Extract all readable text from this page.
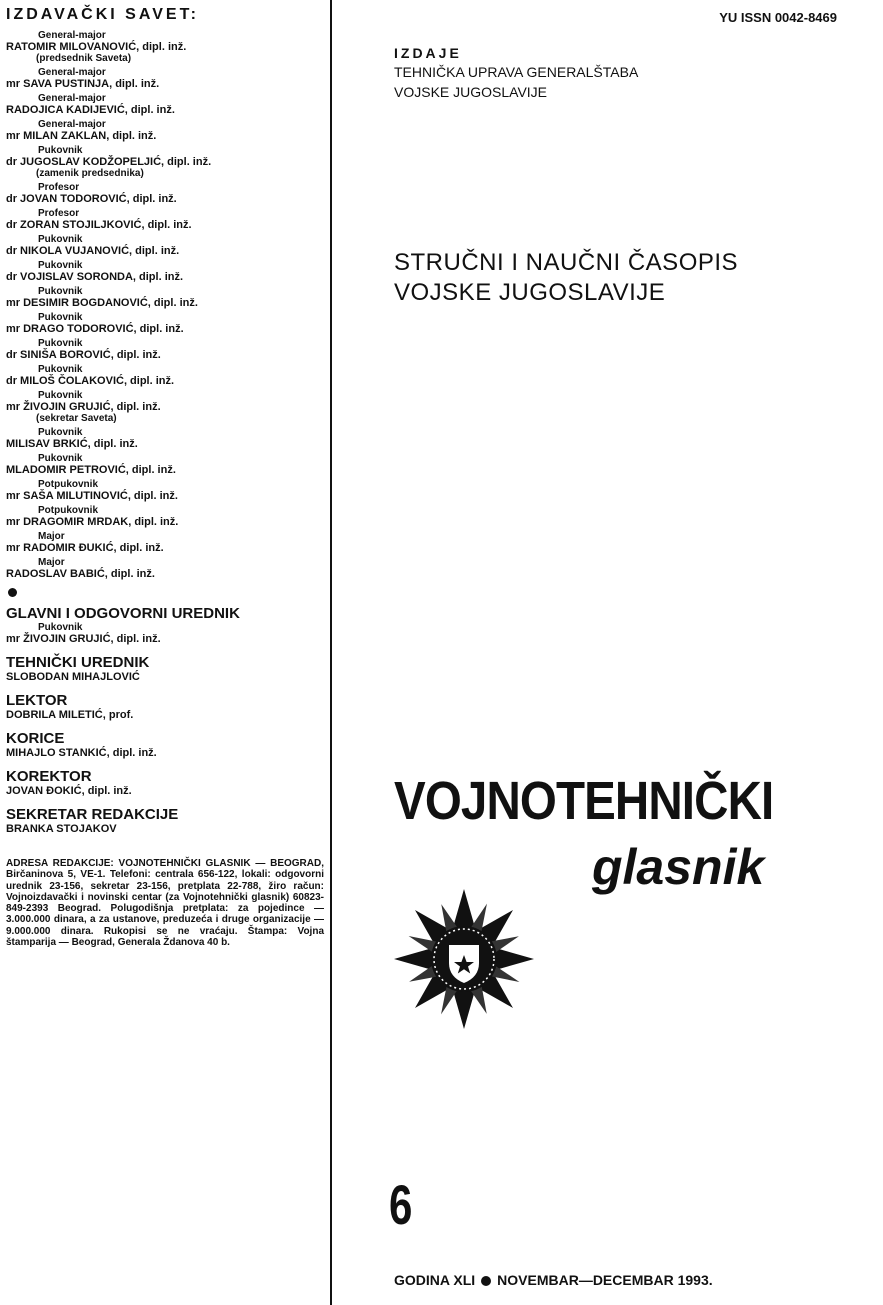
IZDAVAČKI SAVET:
General-major
RATOMIR MILOVANOVIĆ, dipl. inž.
(predsednik Saveta)
General-major
mr SAVA PUSTINJA, dipl. inž.
General-major
RADOJICA KADIJEVIĆ, dipl. inž.
General-major
mr MILAN ZAKLAN, dipl. inž.
Pukovnik
dr JUGOSLAV KODŽOPELJIĆ, dipl. inž.
(zamenik predsednika)
Profesor
dr JOVAN TODOROVIĆ, dipl. inž.
Profesor
dr ZORAN STOJILJKOVIĆ, dipl. inž.
Pukovnik
dr NIKOLA VUJANOVIĆ, dipl. inž.
Pukovnik
dr VOJISLAV SORONDA, dipl. inž.
Pukovnik
mr DESIMIR BOGDANOVIĆ, dipl. inž.
Pukovnik
mr DRAGO TODOROVIĆ, dipl. inž.
Pukovnik
dr SINIŠA BOROVIĆ, dipl. inž.
Pukovnik
dr MILOŠ ČOLAKOVIĆ, dipl. inž.
Pukovnik
mr ŽIVOJIN GRUJIĆ, dipl. inž.
(sekretar Saveta)
Pukovnik
MILISAV BRKIĆ, dipl. inž.
Pukovnik
MLADOMIR PETROVIĆ, dipl. inž.
Potpukovnik
mr SAŠA MILUTINOVIĆ, dipl. inž.
Potpukovnik
mr DRAGOMIR MRDAK, dipl. inž.
Major
mr RADOMIR ĐUKIĆ, dipl. inž.
Major
RADOSLAV BABIĆ, dipl. inž.
GLAVNI I ODGOVORNI UREDNIK
Pukovnik
mr ŽIVOJIN GRUJIĆ, dipl. inž.
TEHNIČKI UREDNIK
SLOBODAN MIHAJLOVIĆ
LEKTOR
DOBRILA MILETIĆ, prof.
KORICE
MIHAJLO STANKIĆ, dipl. inž.
KOREKTOR
JOVAN ĐOKIĆ, dipl. inž.
SEKRETAR REDAKCIJE
BRANKA STOJAKOV
ADRESA REDAKCIJE: VOJNOTEHNIČKI GLASNIK — BEOGRAD, Birčaninova 5, VE-1. Telefoni: centrala 656-122, lokali: odgovorni urednik 23-156, sekretar 23-156, pretplata 22-788, žiro račun: Vojnoizdavački i novinski centar (za Vojnotehnički glasnik) 60823-849-2393 Beograd. Polugodišnja pretplata: za pojedince — 3.000.000 dinara, a za ustanove, preduzeća i druge organizacije — 9.000.000 dinara. Rukopisi se ne vraćaju. Štampa: Vojna štamparija — Beograd, Generala Ždanova 40 b.
YU ISSN 0042-8469
IZDAJE
TEHNIČKA UPRAVA GENERALŠTABA
VOJSKE JUGOSLAVIJE
STRUČNI I NAUČNI ČASOPIS
VOJSKE JUGOSLAVIJE
VOJNOTEHNIČKI
glasnik
6
GODINA XLI NOVEMBAR—DECEMBAR 1993.
